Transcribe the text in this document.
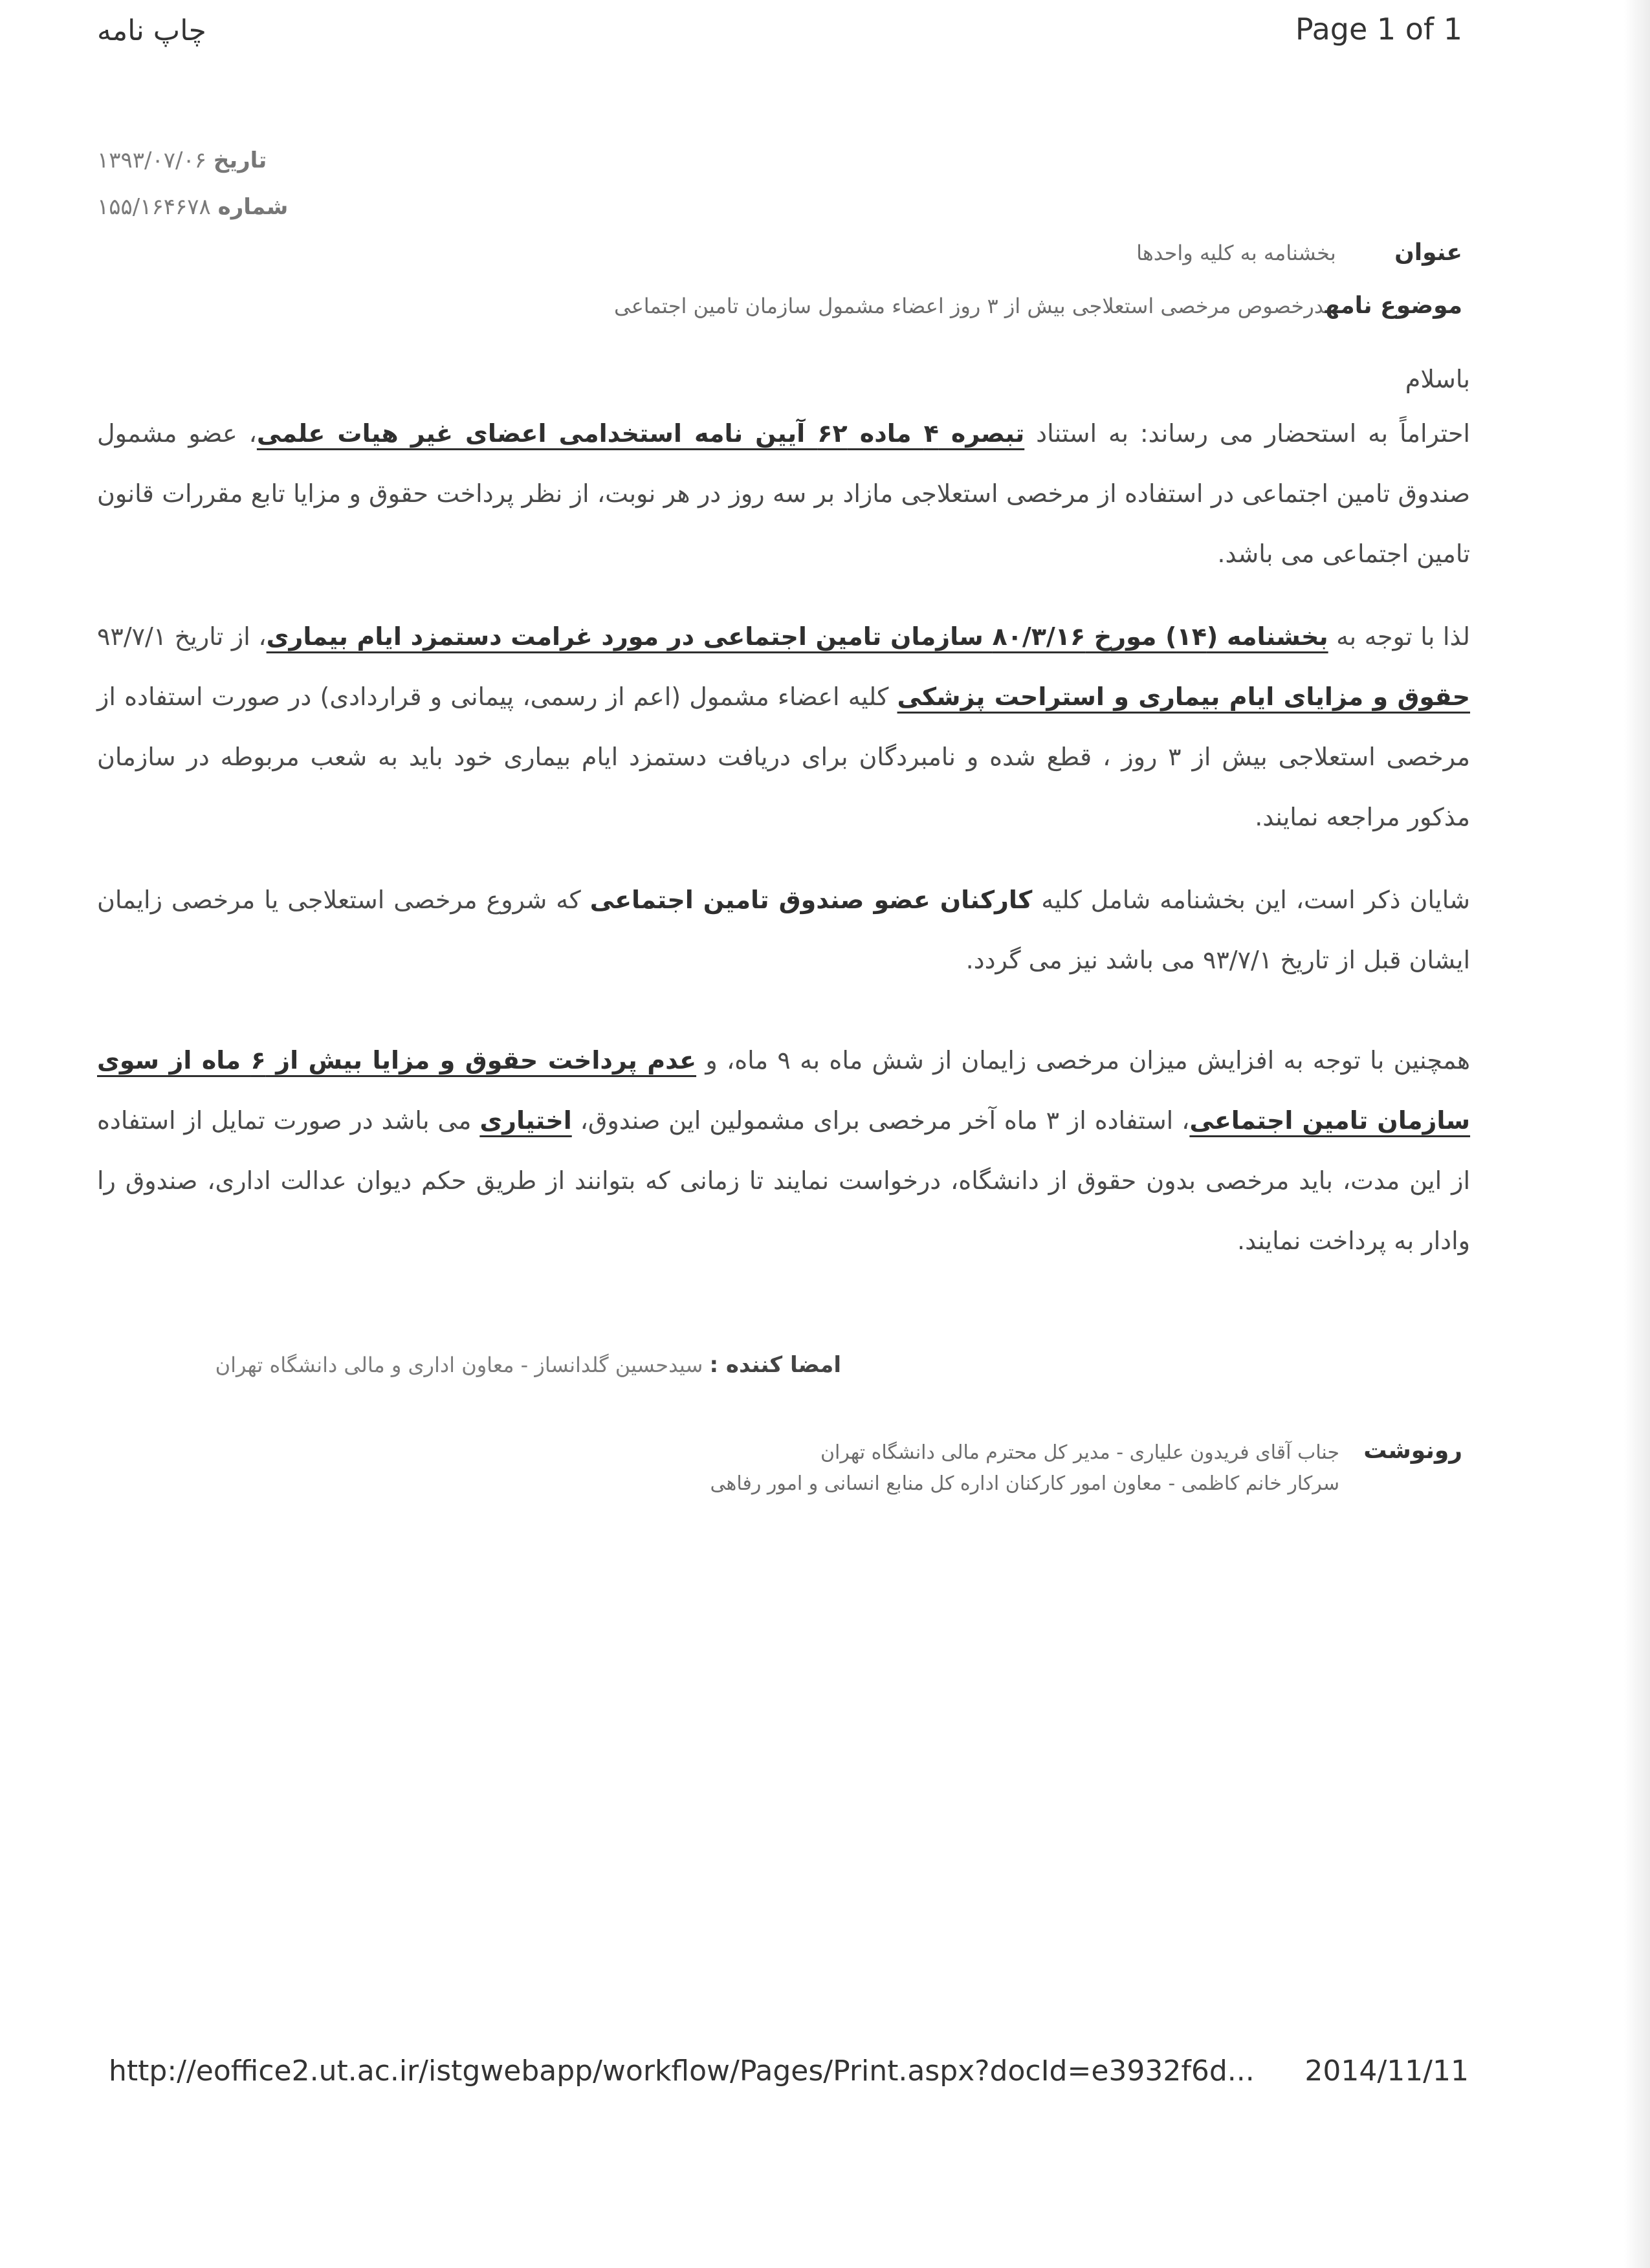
چاپ نامه	Page 1 of 1
تاریخ ۱۳۹۳/۰۷/۰۶
شماره ۱۵۵/۱۶۴۶۷۸
عنوان  بخشنامه به کلیه واحدها
موضوع نامهدرخصوص مرخصی استعلاجی بیش از ۳ روز اعضاء مشمول سازمان تامین اجتماعی
باسلام

احتراماً به استحضار می رساند: به استناد تبصره ۴ ماده ۶۲ آیین نامه استخدامی اعضای غیر هیات علمی، عضو مشمول صندوق تامین اجتماعی در استفاده از مرخصی استعلاجی مازاد بر سه روز در هر نوبت، از نظر پرداخت حقوق و مزایا تابع مقررات قانون تامین اجتماعی می باشد.

لذا با توجه به بخشنامه (۱۴) مورخ ۸۰/۳/۱۶ سازمان تامین اجتماعی در مورد غرامت دستمزد ایام بیماری، از تاریخ ۹۳/۷/۱ حقوق و مزایای ایام بیماری و استراحت پزشکی کلیه اعضاء مشمول (اعم از رسمی، پیمانی و قراردادی) در صورت استفاده از مرخصی استعلاجی بیش از ۳ روز ، قطع شده و نامبردگان برای دریافت دستمزد ایام بیماری خود باید به شعب مربوطه در سازمان مذکور مراجعه نمایند.

شایان ذکر است، این بخشنامه شامل کلیه کارکنان عضو صندوق تامین اجتماعی که شروع مرخصی استعلاجی یا مرخصی زایمان ایشان قبل از تاریخ ۹۳/۷/۱ می باشد نیز می گردد.

همچنین با توجه به افزایش میزان مرخصی زایمان از شش ماه به ۹ ماه، و عدم پرداخت حقوق و مزایا بیش از ۶ ماه از سوی سازمان تامین اجتماعی، استفاده از ۳ ماه آخر مرخصی برای مشمولین این صندوق، اختیاری می باشد در صورت تمایل از استفاده از این مدت، باید مرخصی بدون حقوق از دانشگاه، درخواست نمایند تا زمانی که بتوانند از طریق حکم دیوان عدالت اداری، صندوق را وادار به پرداخت نمایند.

امضا کننده : سیدحسین گلدانساز - معاون اداری و مالی دانشگاه تهران
رونوشت
جناب آقای فریدون علیاری - مدیر کل محترم مالی دانشگاه تهران
سرکار خانم کاظمی - معاون امور کارکنان اداره کل منابع انسانی و امور رفاهی
http://eoffice2.ut.ac.ir/istgwebapp/workflow/Pages/Print.aspx?docId=e3932f6d... 2014/11/11
